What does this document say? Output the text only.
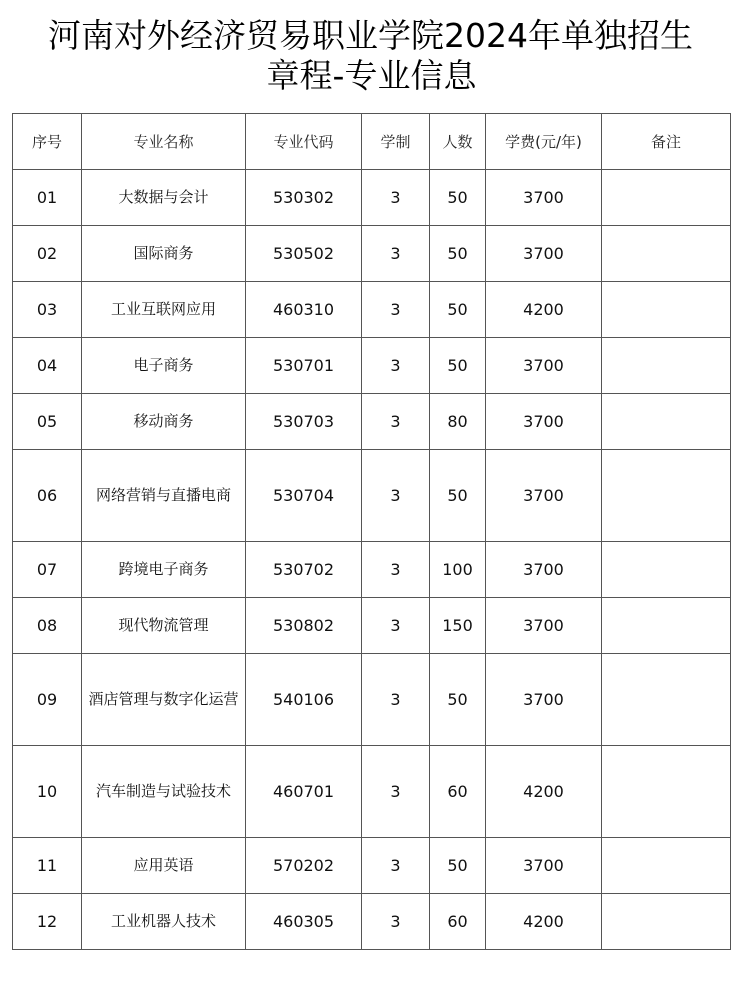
河南对外经济贸易职业学院2024年单独招生
章程-专业信息
序号	专业名称	专业代码	学制	人数	学费(元/年)	备注
01	大数据与会计	530302	3	50	3700	
02	国际商务	530502	3	50	3700	
03	工业互联网应用	460310	3	50	4200	
04	电子商务	530701	3	50	3700	
05	移动商务	530703	3	80	3700	
06	网络营销与直播电商	530704	3	50	3700	
07	跨境电子商务	530702	3	100	3700	
08	现代物流管理	530802	3	150	3700	
09	酒店管理与数字化运营	540106	3	50	3700	
10	汽车制造与试验技术	460701	3	60	4200	
11	应用英语	570202	3	50	3700	
12	工业机器人技术	460305	3	60	4200	
